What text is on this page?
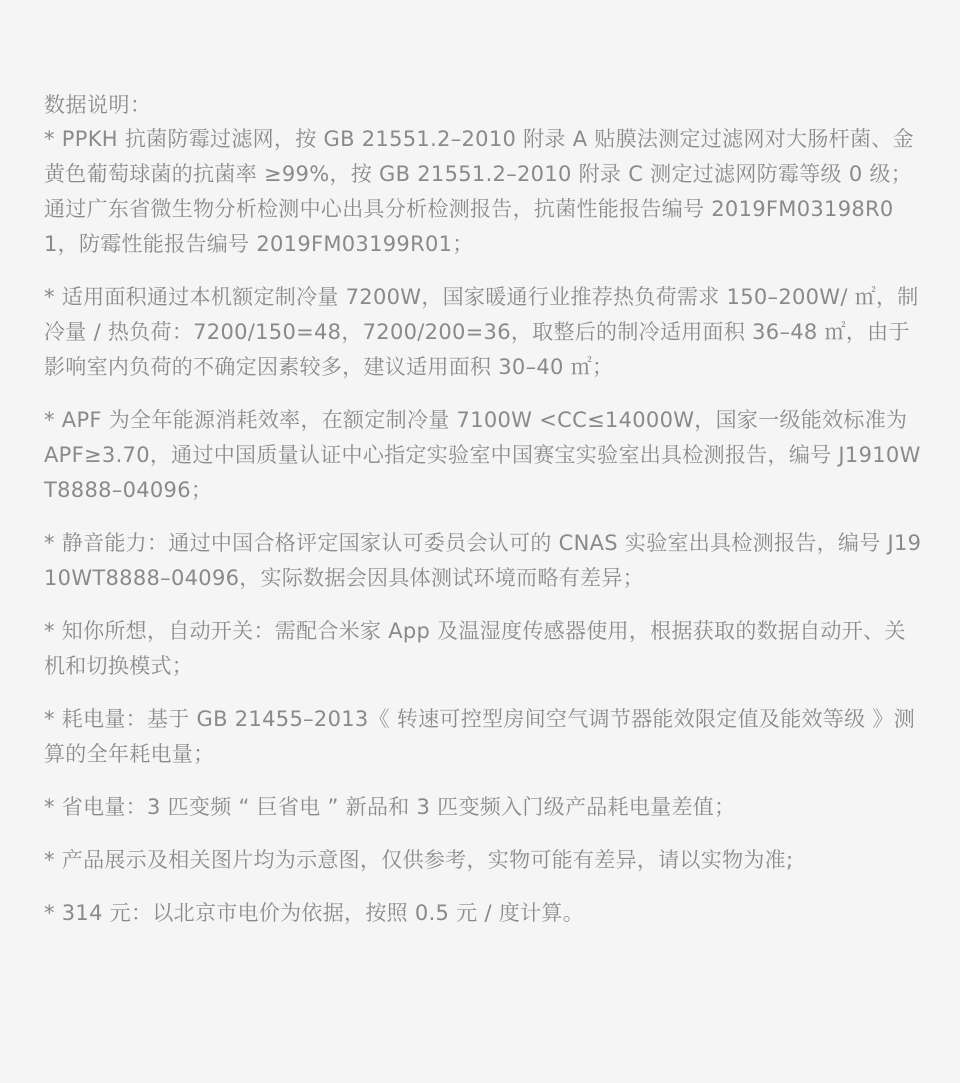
数据说明：

* PPKH 抗菌防霉过滤网，按 GB 21551.2–2010 附录 A 贴膜法测定过滤网对大肠杆菌、金黄色葡萄球菌的抗菌率 ≥99%，按 GB 21551.2–2010 附录 C 测定过滤网防霉等级 0 级；通过广东省微生物分析检测中心出具分析检测报告，抗菌性能报告编号 2019FM03198R01，防霉性能报告编号 2019FM03199R01；

* 适用面积通过本机额定制冷量 7200W，国家暖通行业推荐热负荷需求 150–200W/ ㎡，制冷量 / 热负荷：7200/150=48，7200/200=36，取整后的制冷适用面积 36–48 ㎡，由于影响室内负荷的不确定因素较多，建议适用面积 30–40 ㎡；

* APF 为全年能源消耗效率，在额定制冷量 7100W <CC≤14000W，国家一级能效标准为 APF≥3.70，通过中国质量认证中心指定实验室中国赛宝实验室出具检测报告，编号 J1910WT8888–04096；

* 静音能力：通过中国合格评定国家认可委员会认可的 CNAS 实验室出具检测报告，编号 J1910WT8888–04096，实际数据会因具体测试环境而略有差异；

* 知你所想，自动开关：需配合米家 App 及温湿度传感器使用，根据获取的数据自动开、关机和切换模式；

* 耗电量：基于 GB 21455–2013《 转速可控型房间空气调节器能效限定值及能效等级 》测算的全年耗电量；

* 省电量：3 匹变频 “ 巨省电 ” 新品和 3 匹变频入门级产品耗电量差值；

* 产品展示及相关图片均为示意图，仅供参考，实物可能有差异，请以实物为准;

* 314 元：以北京市电价为依据，按照 0.5 元 / 度计算。
